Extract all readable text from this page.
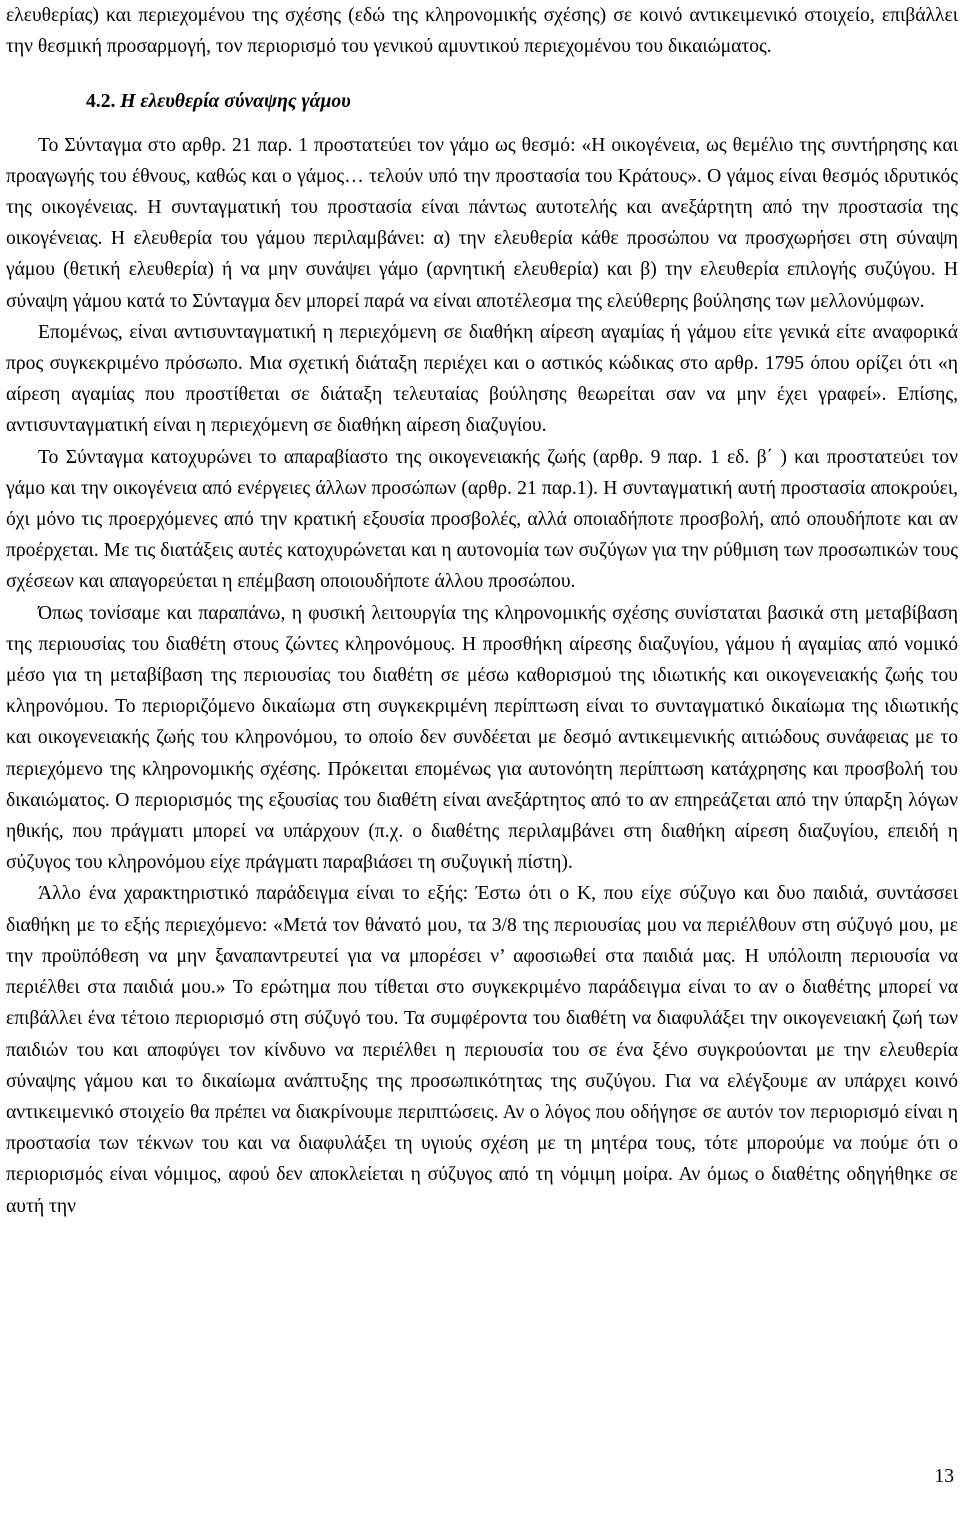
ελευθερίας) και περιεχομένου της σχέσης (εδώ της κληρονομικής σχέσης) σε κοινό αντικειμενικό στοιχείο, επιβάλλει την θεσμική προσαρμογή, τον περιορισμό του γενικού αμυντικού περιεχομένου του δικαιώματος.

4.2. Η ελευθερία σύναψης γάμου

Το Σύνταγμα στο αρθρ. 21 παρ. 1 προστατεύει τον γάμο ως θεσμό: «Η οικογένεια, ως θεμέλιο της συντήρησης και προαγωγής του έθνους, καθώς και ο γάμος… τελούν υπό την προστασία του Κράτους». Ο γάμος είναι θεσμός ιδρυτικός της οικογένειας. Η συνταγματική του προστασία είναι πάντως αυτοτελής και ανεξάρτητη από την προστασία της οικογένειας. Η ελευθερία του γάμου περιλαμβάνει: α) την ελευθερία κάθε προσώπου να προσχωρήσει στη σύναψη γάμου (θετική ελευθερία) ή να μην συνάψει γάμο (αρνητική ελευθερία) και β) την ελευθερία επιλογής συζύγου. Η σύναψη γάμου κατά το Σύνταγμα δεν μπορεί παρά να είναι αποτέλεσμα της ελεύθερης βούλησης των μελλονύμφων.

Επομένως, είναι αντισυνταγματική η περιεχόμενη σε διαθήκη αίρεση αγαμίας ή γάμου είτε γενικά είτε αναφορικά προς συγκεκριμένο πρόσωπο. Μια σχετική διάταξη περιέχει και ο αστικός κώδικας στο αρθρ. 1795 όπου ορίζει ότι «η αίρεση αγαμίας που προστίθεται σε διάταξη τελευταίας βούλησης θεωρείται σαν να μην έχει γραφεί». Επίσης, αντισυνταγματική είναι η περιεχόμενη σε διαθήκη αίρεση διαζυγίου.

Το Σύνταγμα κατοχυρώνει το απαραβίαστο της οικογενειακής ζωής (αρθρ. 9 παρ. 1 εδ. β΄ ) και προστατεύει τον γάμο και την οικογένεια από ενέργειες άλλων προσώπων (αρθρ. 21 παρ.1). Η συνταγματική αυτή προστασία αποκρούει, όχι μόνο τις προερχόμενες από την κρατική εξουσία προσβολές, αλλά οποιαδήποτε προσβολή, από οπουδήποτε και αν προέρχεται. Με τις διατάξεις αυτές κατοχυρώνεται και η αυτονομία των συζύγων για την ρύθμιση των προσωπικών τους σχέσεων και απαγορεύεται η επέμβαση οποιουδήποτε άλλου προσώπου.

Όπως τονίσαμε και παραπάνω, η φυσική λειτουργία της κληρονομικής σχέσης συνίσταται βασικά στη μεταβίβαση της περιουσίας του διαθέτη στους ζώντες κληρονόμους. Η προσθήκη αίρεσης διαζυγίου, γάμου ή αγαμίας από νομικό μέσο για τη μεταβίβαση της περιουσίας του διαθέτη σε μέσω καθορισμού της ιδιωτικής και οικογενειακής ζωής του κληρονόμου. Το περιοριζόμενο δικαίωμα στη συγκεκριμένη περίπτωση είναι το συνταγματικό δικαίωμα της ιδιωτικής και οικογενειακής ζωής του κληρονόμου, το οποίο δεν συνδέεται με δεσμό αντικειμενικής αιτιώδους συνάφειας με το περιεχόμενο της κληρονομικής σχέσης. Πρόκειται επομένως για αυτονόητη περίπτωση κατάχρησης και προσβολή του δικαιώματος. Ο περιορισμός της εξουσίας του διαθέτη είναι ανεξάρτητος από το αν επηρεάζεται από την ύπαρξη λόγων ηθικής, που πράγματι μπορεί να υπάρχουν (π.χ. ο διαθέτης περιλαμβάνει στη διαθήκη αίρεση διαζυγίου, επειδή η σύζυγος του κληρονόμου είχε πράγματι παραβιάσει τη συζυγική πίστη).

Άλλο ένα χαρακτηριστικό παράδειγμα είναι το εξής: Έστω ότι ο Κ, που είχε σύζυγο και δυο παιδιά, συντάσσει διαθήκη με το εξής περιεχόμενο: «Μετά τον θάνατό μου, τα 3/8 της περιουσίας μου να περιέλθουν στη σύζυγό μου, με την προϋπόθεση να μην ξαναπαντρευτεί για να μπορέσει ν’ αφοσιωθεί στα παιδιά μας. Η υπόλοιπη περιουσία να περιέλθει στα παιδιά μου.» Το ερώτημα που τίθεται στο συγκεκριμένο παράδειγμα είναι το αν ο διαθέτης μπορεί να επιβάλλει ένα τέτοιο περιορισμό στη σύζυγό του. Τα συμφέροντα του διαθέτη να διαφυλάξει την οικογενειακή ζωή των παιδιών του και αποφύγει τον κίνδυνο να περιέλθει η περιουσία του σε ένα ξένο συγκρούονται με την ελευθερία σύναψης γάμου και το δικαίωμα ανάπτυξης της προσωπικότητας της συζύγου. Για να ελέγξουμε αν υπάρχει κοινό αντικειμενικό στοιχείο θα πρέπει να διακρίνουμε περιπτώσεις. Αν ο λόγος που οδήγησε σε αυτόν τον περιορισμό είναι η προστασία των τέκνων του και να διαφυλάξει τη υγιούς σχέση με τη μητέρα τους, τότε μπορούμε να πούμε ότι ο περιορισμός είναι νόμιμος, αφού δεν αποκλείεται η σύζυγος από τη νόμιμη μοίρα. Αν όμως ο διαθέτης οδηγήθηκε σε αυτή την

13
